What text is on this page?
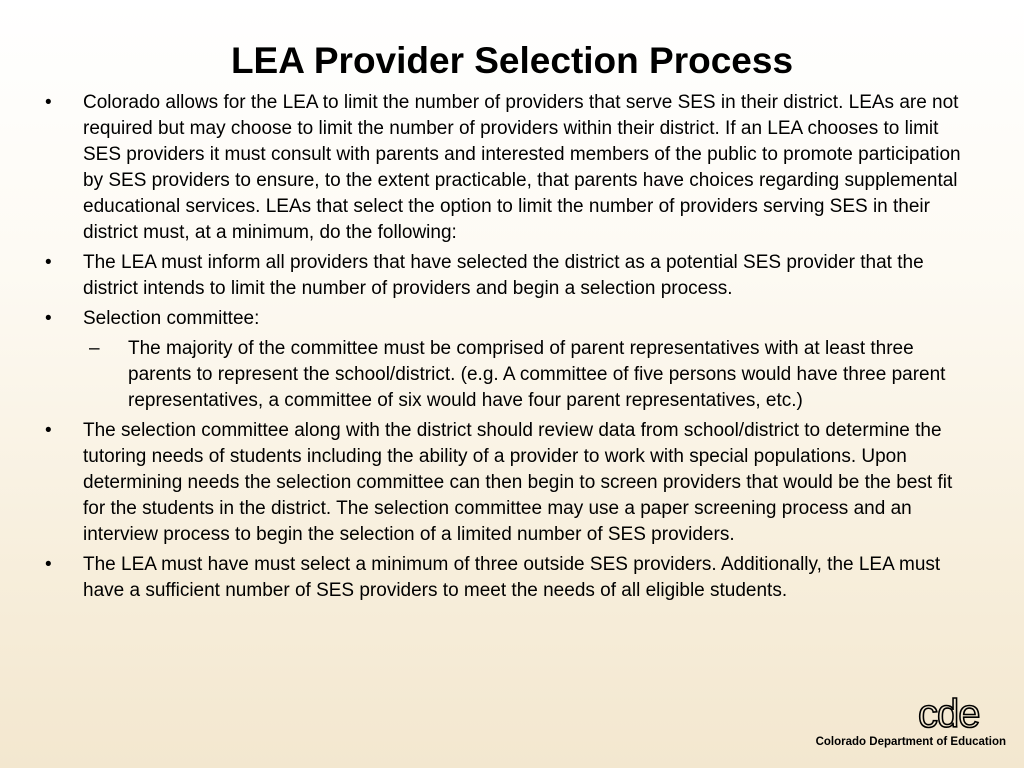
LEA Provider Selection Process
• Colorado allows for the LEA to limit the number of providers that serve SES in their district. LEAs are not required but may choose to limit the number of providers within their district. If an LEA chooses to limit SES providers it must consult with parents and interested members of the public to promote participation by SES providers to ensure, to the extent practicable, that parents have choices regarding supplemental educational services. LEAs that select the option to limit the number of providers serving SES in their district must, at a minimum, do the following:
• The LEA must inform all providers that have selected the district as a potential SES provider that the district intends to limit the number of providers and begin a selection process.
• Selection committee:
– The majority of the committee must be comprised of parent representatives with at least three parents to represent the school/district. (e.g. A committee of five persons would have three parent representatives, a committee of six would have four parent representatives, etc.)
• The selection committee along with the district should review data from school/district to determine the tutoring needs of students including the ability of a provider to work with special populations. Upon determining needs the selection committee can then begin to screen providers that would be the best fit for the students in the district. The selection committee may use a paper screening process and an interview process to begin the selection of a limited number of SES providers.
• The LEA must have must select a minimum of three outside SES providers. Additionally, the LEA must have a sufficient number of SES providers to meet the needs of all eligible students.
cde
Colorado Department of Education
